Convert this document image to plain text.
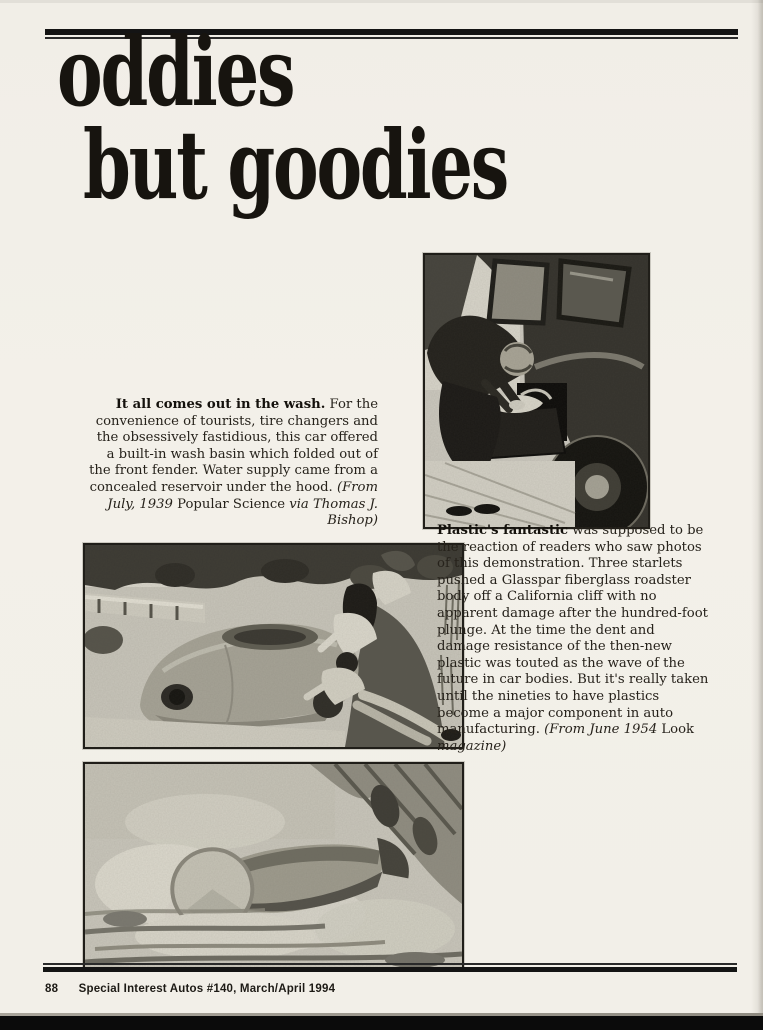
oddies
but goodies

It all comes out in the wash. For the convenience of tourists, tire changers and the obsessively fastidious, this car offered a built-in wash basin which folded out of the front fender. Water supply came from a concealed reservoir under the hood. (From July, 1939 Popular Science via Thomas J. Bishop)

Plastic's fantastic was supposed to be the reaction of readers who saw photos of this demonstration. Three starlets pushed a Glasspar fiberglass roadster body off a California cliff with no apparent damage after the hundred-foot plunge. At the time the dent and damage resistance of the then-new plastic was touted as the wave of the future in car bodies. But it's really taken until the nineties to have plastics become a major component in auto manufacturing. (From June 1954 Look magazine)

88 Special Interest Autos #140, March/April 1994
